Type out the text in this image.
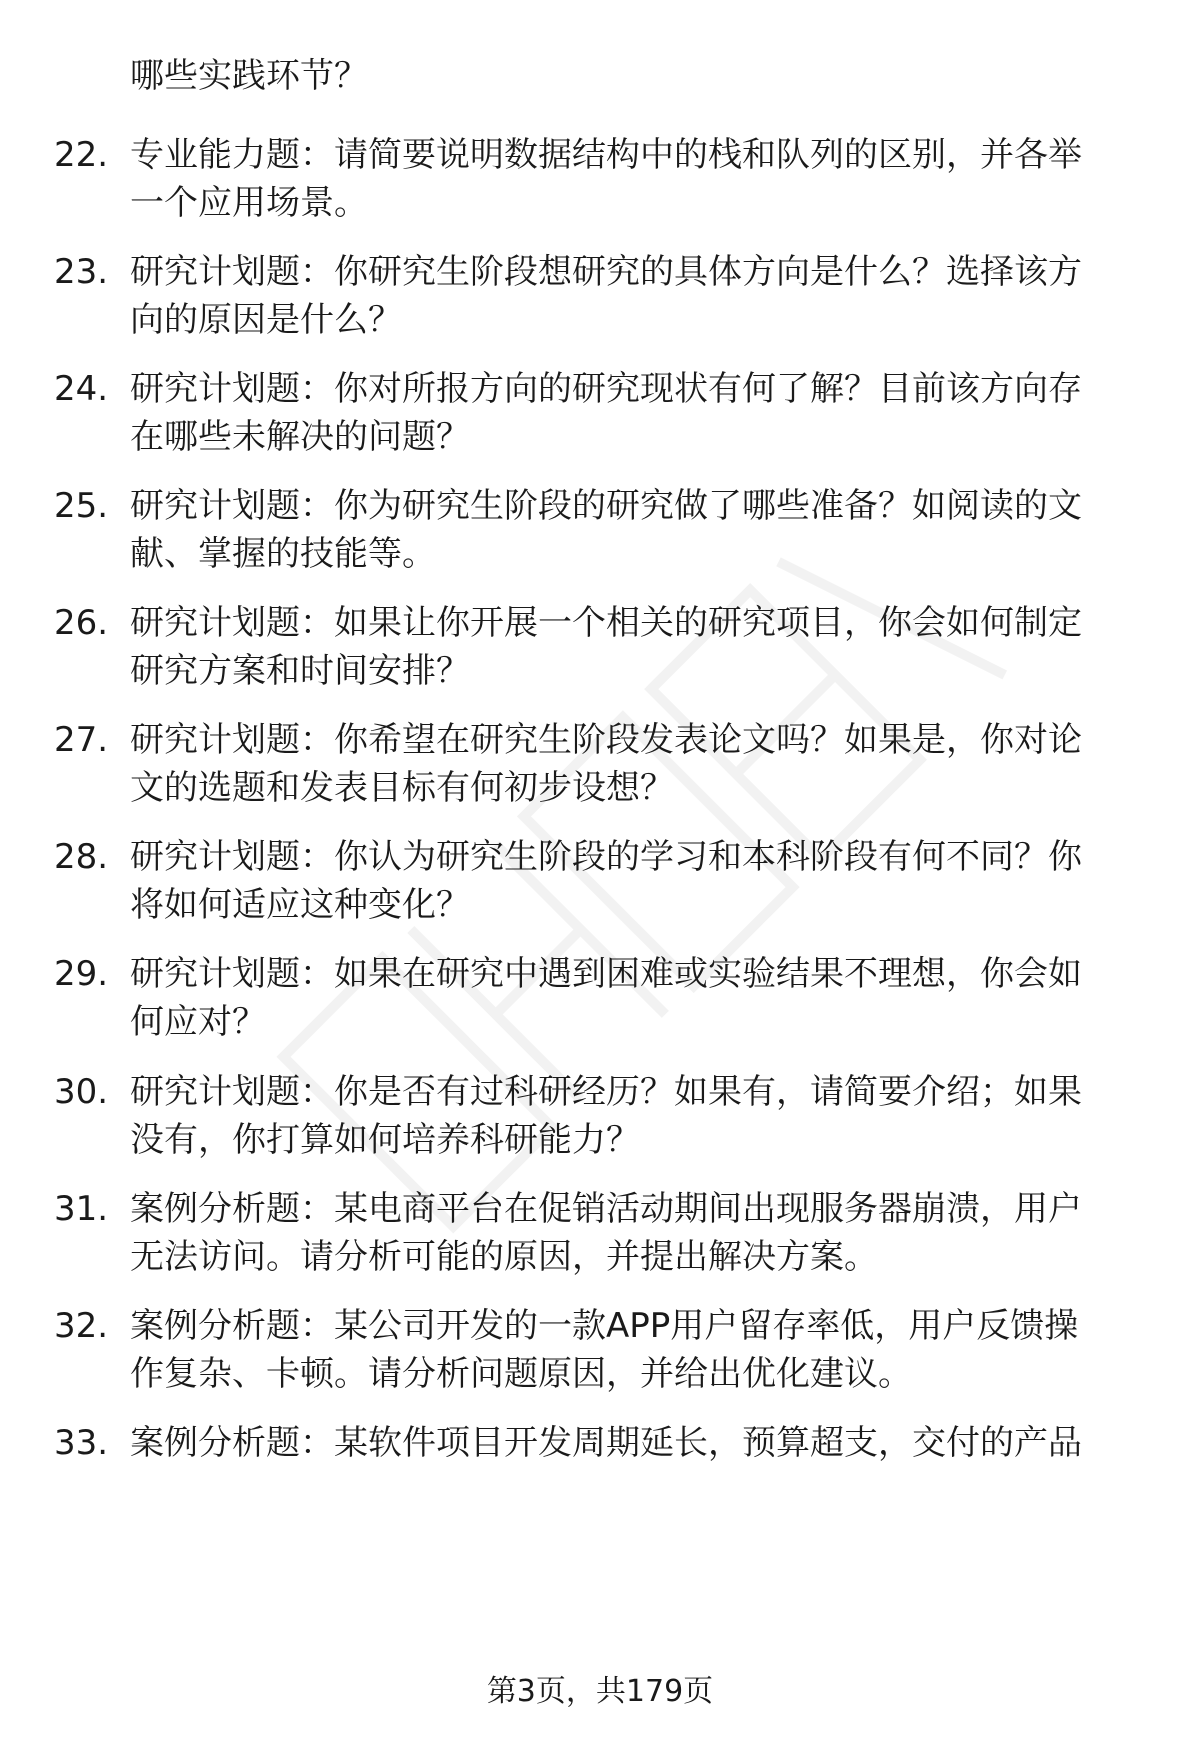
哪些实践环节？
22. 专业能力题：请简要说明数据结构中的栈和队列的区别，并各举
一个应用场景。
23. 研究计划题：你研究生阶段想研究的具体方向是什么？选择该方
向的原因是什么？
24. 研究计划题：你对所报方向的研究现状有何了解？目前该方向存
在哪些未解决的问题？
25. 研究计划题：你为研究生阶段的研究做了哪些准备？如阅读的文
献、掌握的技能等。
26. 研究计划题：如果让你开展一个相关的研究项目，你会如何制定
研究方案和时间安排？
27. 研究计划题：你希望在研究生阶段发表论文吗？如果是，你对论
文的选题和发表目标有何初步设想？
28. 研究计划题：你认为研究生阶段的学习和本科阶段有何不同？你
将如何适应这种变化？
29. 研究计划题：如果在研究中遇到困难或实验结果不理想，你会如
何应对？
30. 研究计划题：你是否有过科研经历？如果有，请简要介绍；如果
没有，你打算如何培养科研能力？
31. 案例分析题：某电商平台在促销活动期间出现服务器崩溃，用户
无法访问。请分析可能的原因，并提出解决方案。
32. 案例分析题：某公司开发的一款APP用户留存率低，用户反馈操
作复杂、卡顿。请分析问题原因，并给出优化建议。
33. 案例分析题：某软件项目开发周期延长，预算超支，交付的产品
第3页，共179页
